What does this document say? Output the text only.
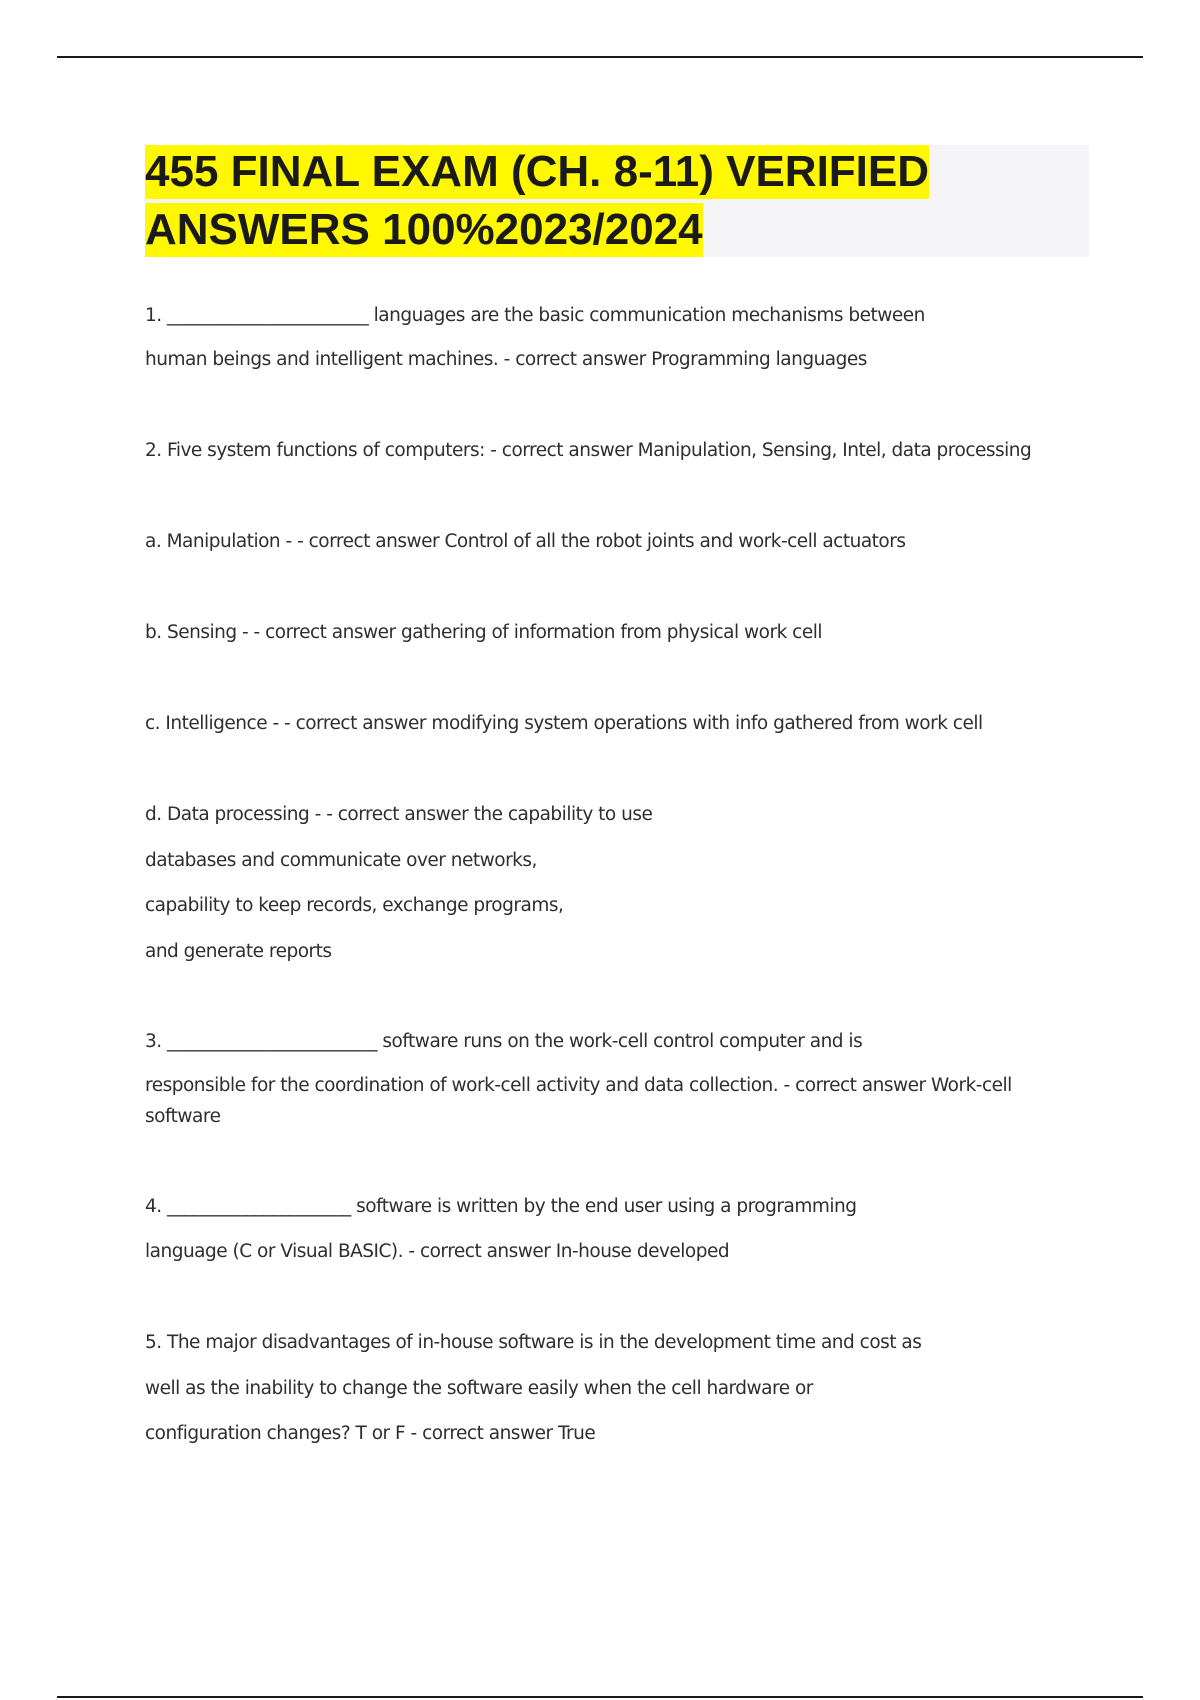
455 FINAL EXAM (CH. 8-11) VERIFIED
ANSWERS 100%2023/2024

1. _______________________ languages are the basic communication mechanisms between

human beings and intelligent machines. - correct answer Programming languages

2. Five system functions of computers: - correct answer Manipulation, Sensing, Intel, data processing

a. Manipulation - - correct answer Control of all the robot joints and work-cell actuators

b. Sensing - - correct answer gathering of information from physical work cell

c. Intelligence - - correct answer modifying system operations with info gathered from work cell

d. Data processing - - correct answer the capability to use

databases and communicate over networks,

capability to keep records, exchange programs,

and generate reports

3. ________________________ software runs on the work-cell control computer and is

responsible for the coordination of work-cell activity and data collection. - correct answer Work-cell

software

4. _____________________ software is written by the end user using a programming

language (C or Visual BASIC). - correct answer In-house developed

5. The major disadvantages of in-house software is in the development time and cost as

well as the inability to change the software easily when the cell hardware or

configuration changes? T or F - correct answer True
